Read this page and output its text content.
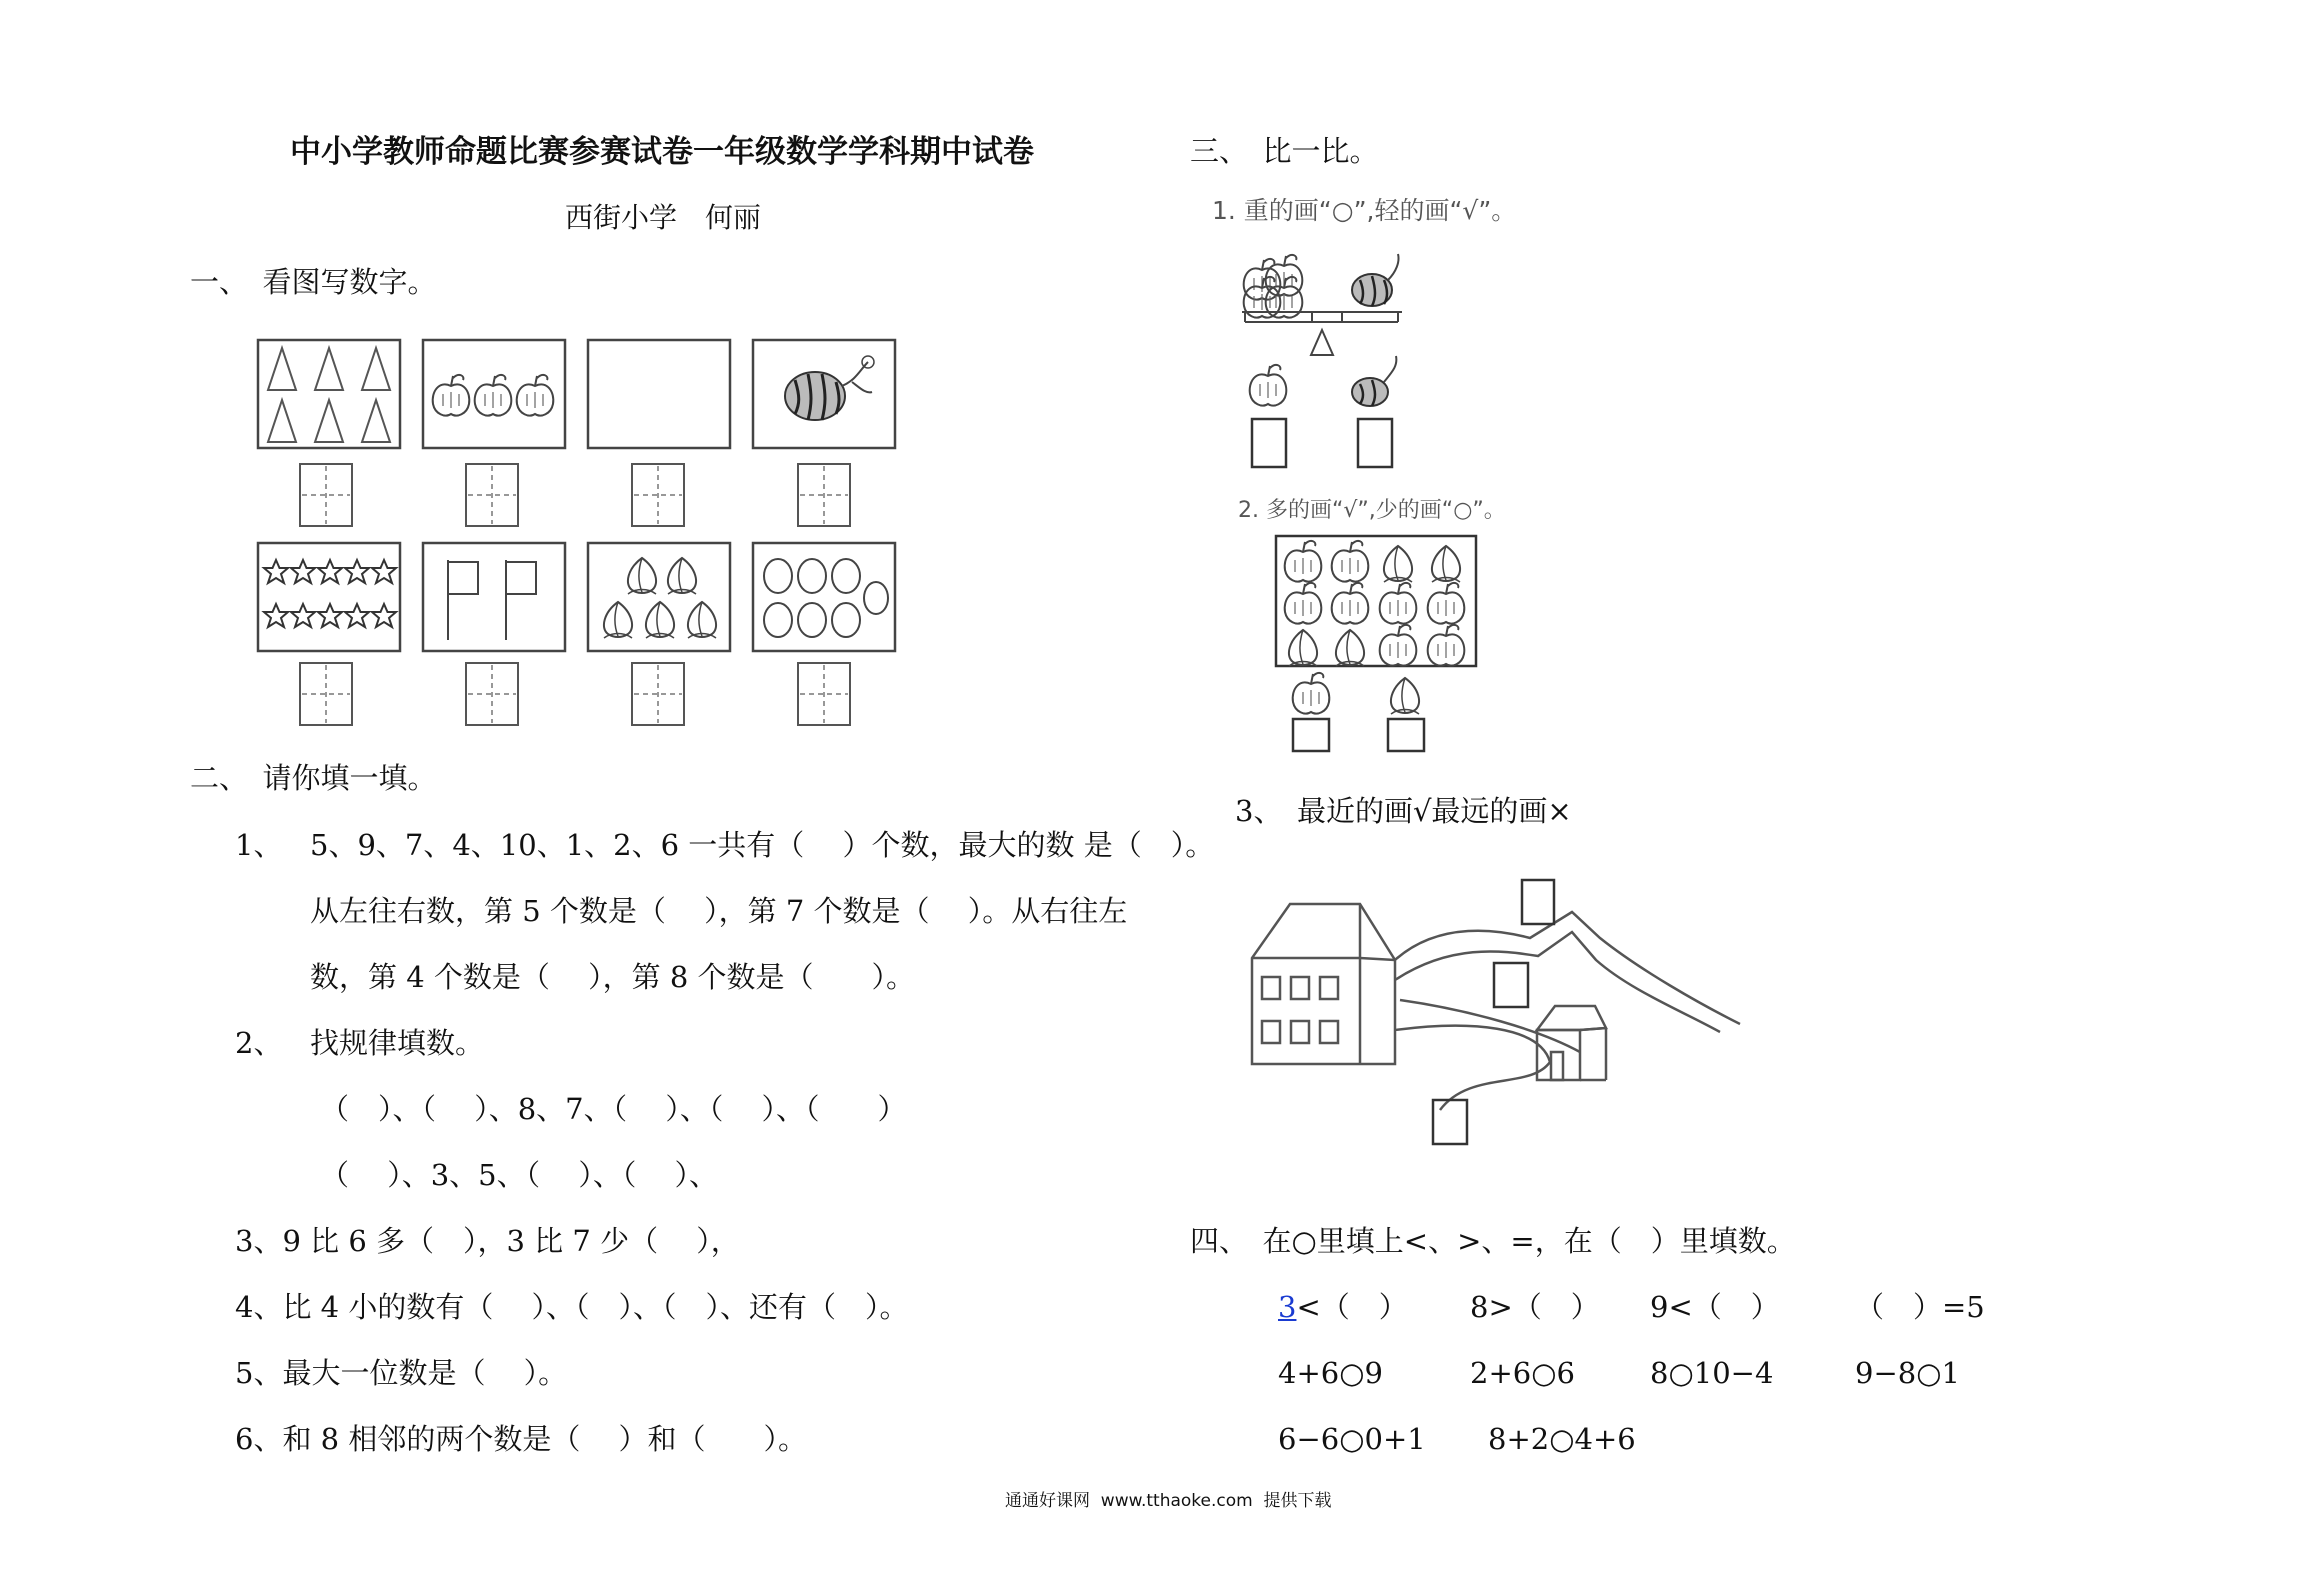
中小学教师命题比赛参赛试卷一年级数学学科期中试卷
西街小学　何丽
一、　看图写数字。
二、　请你填一填。
1、 5、9、7、4、10、1、2、6 一共有（　 ）个数，最大的数 是（　）。
从左往右数，第 5 个数是（　 ），第 7 个数是（　 ）。从右往左
数，第 4 个数是（　 ），第 8 个数是（　　）。
2、 找规律填数。
（　）、（　 ）、8、7、（　 ）、（　 ）、（　　）
（　 ）、3、5、（　 ）、（　 ）、
3、9 比 6 多（　），3 比 7 少（　 ），
4、比 4 小的数有（　 ）、（　）、（　）、还有（　）。
5、最大一位数是（　 ）。
6、和 8 相邻的两个数是（　 ）和（　　）。
三、　比一比。
1. 重的画“○”,轻的画“√”。
2. 多的画“√”,少的画“○”。
3、　最近的画√最远的画×
四、　在○里填上<、>、=，在（　）里填数。
3<（　） 8>（　） 9<（　）	（　）=5
4+6○9	2+6○6	8○10−4	9−8○1
6−6○0+1 8+2○4+6
通通好课网  www.tthaoke.com  提供下载
